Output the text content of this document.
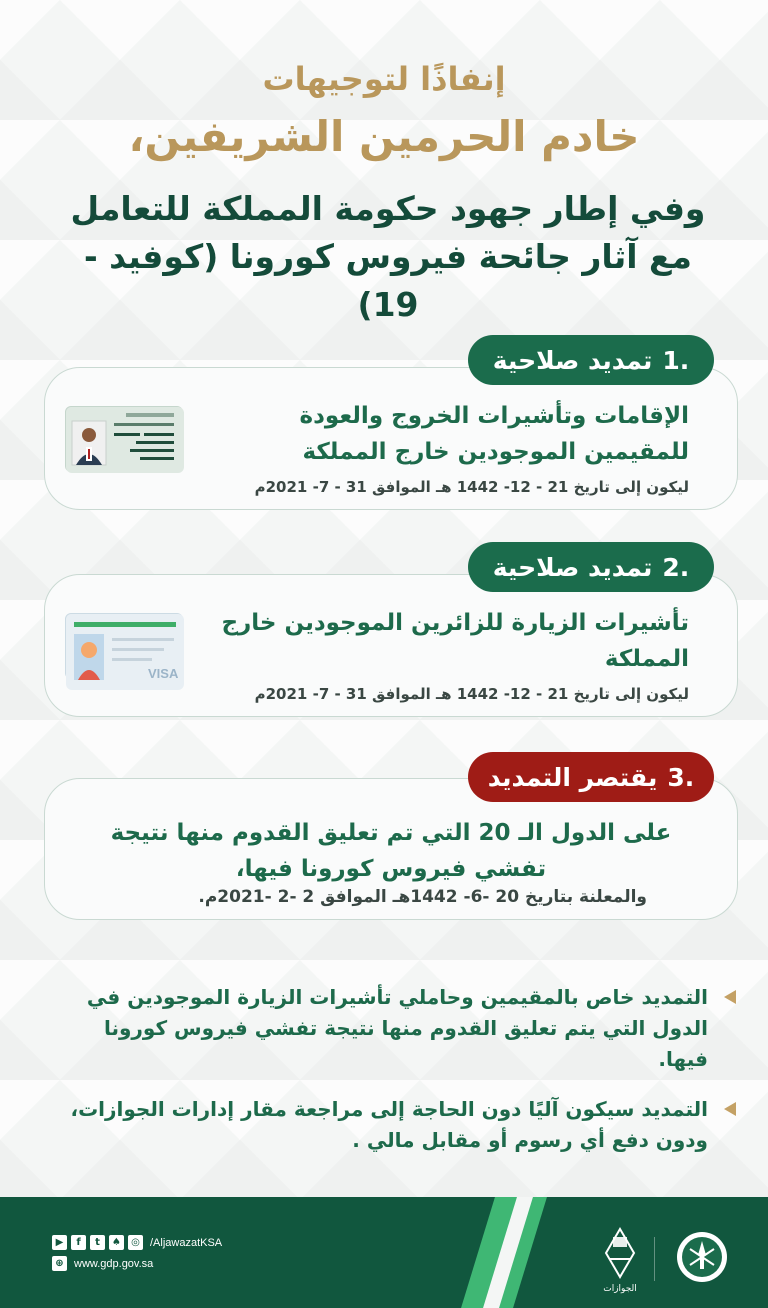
إنفاذًا لتوجيهات
خادم الحرمين الشريفين،
وفي إطار جهود حكومة المملكة للتعامل مع آثار جائحة فيروس كورونا (كوفيد - 19)
الإقامات وتأشيرات الخروج والعودة للمقيمين الموجودين خارج المملكة
ليكون إلى تاريخ 21 - 12- 1442 هـ الموافق 31 - 7- 2021م
.1
تمديد صلاحية
تأشيرات الزيارة للزائرين الموجودين خارج المملكة
ليكون إلى تاريخ 21 - 12- 1442 هـ الموافق 31 - 7- 2021م
VISA
.2
تمديد صلاحية
على الدول الـ 20 التي تم تعليق القدوم منها نتيجة تفشي فيروس كورونا فيها،
والمعلنة بتاريخ 20 -6- 1442هـ الموافق 2 -2 -2021م.
.3
يقتصر التمديد
التمديد خاص بالمقيمين وحاملي تأشيرات الزيارة الموجودين في الدول التي يتم تعليق القدوم منها نتيجة تفشي فيروس كورونا فيها.
التمديد سيكون آليًا دون الحاجة إلى مراجعة مقار إدارات الجوازات، ودون دفع أي رسوم أو مقابل مالي .
▶	f	t	♠	◎ /AljawazatKSA
⊕ www.gdp.gov.sa
الجوازات
